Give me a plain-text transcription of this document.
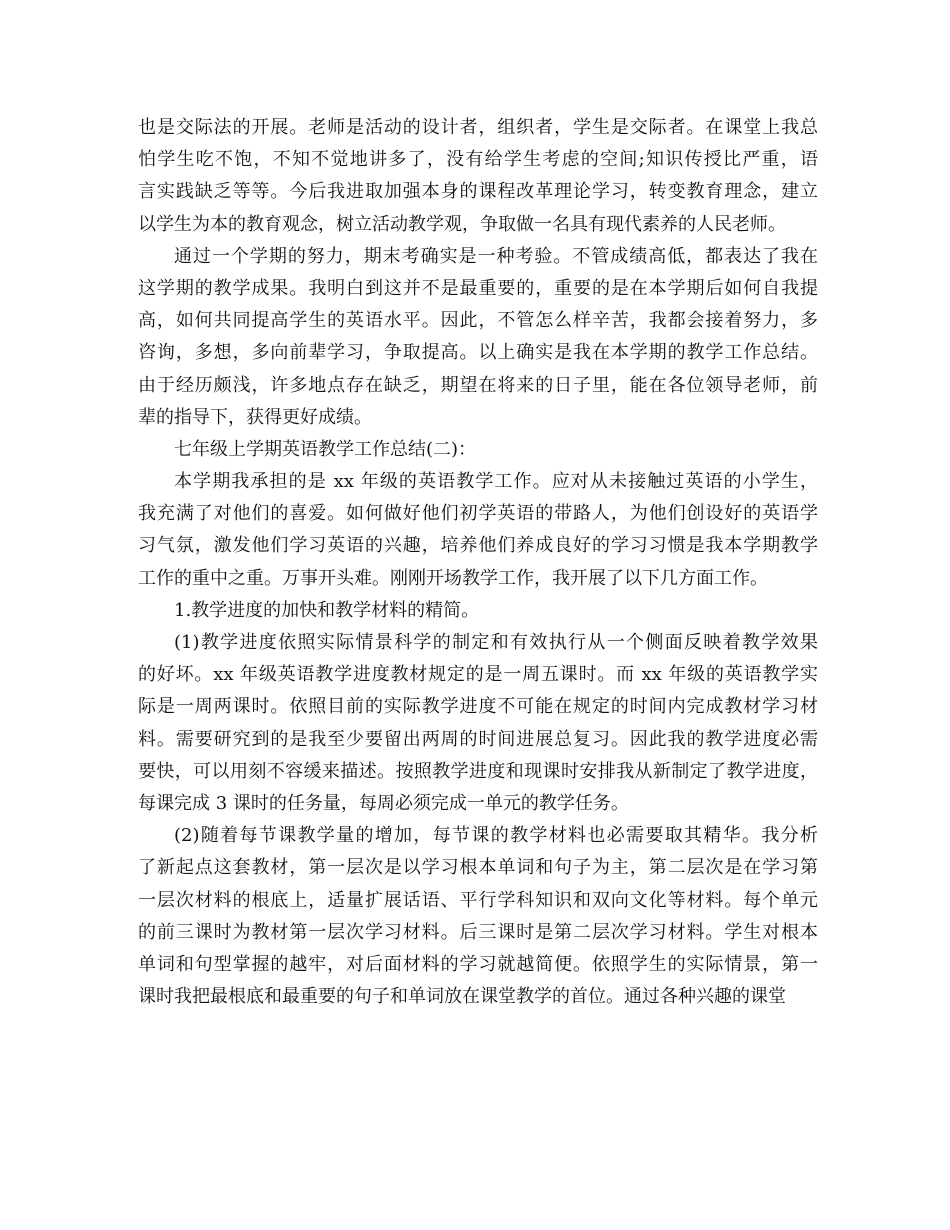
也是交际法的开展。老师是活动的设计者，组织者，学生是交际者。在课堂上我总
怕学生吃不饱，不知不觉地讲多了，没有给学生考虑的空间;知识传授比严重，语
言实践缺乏等等。今后我进取加强本身的课程改革理论学习，转变教育理念，建立
以学生为本的教育观念，树立活动教学观，争取做一名具有现代素养的人民老师。
通过一个学期的努力，期末考确实是一种考验。不管成绩高低，都表达了我在
这学期的教学成果。我明白到这并不是最重要的，重要的是在本学期后如何自我提
高，如何共同提高学生的英语水平。因此，不管怎么样辛苦，我都会接着努力，多
咨询，多想，多向前辈学习，争取提高。以上确实是我在本学期的教学工作总结。
由于经历颇浅，许多地点存在缺乏，期望在将来的日子里，能在各位领导老师，前
辈的指导下，获得更好成绩。
七年级上学期英语教学工作总结(二)：
本学期我承担的是 xx 年级的英语教学工作。应对从未接触过英语的小学生，
我充满了对他们的喜爱。如何做好他们初学英语的带路人，为他们创设好的英语学
习气氛，激发他们学习英语的兴趣，培养他们养成良好的学习习惯是我本学期教学
工作的重中之重。万事开头难。刚刚开场教学工作，我开展了以下几方面工作。
1.教学进度的加快和教学材料的精简。
(1)教学进度依照实际情景科学的制定和有效执行从一个侧面反映着教学效果
的好坏。xx 年级英语教学进度教材规定的是一周五课时。而 xx 年级的英语教学实
际是一周两课时。依照目前的实际教学进度不可能在规定的时间内完成教材学习材
料。需要研究到的是我至少要留出两周的时间进展总复习。因此我的教学进度必需
要快，可以用刻不容缓来描述。按照教学进度和现课时安排我从新制定了教学进度，
每课完成 3 课时的任务量，每周必须完成一单元的教学任务。
(2)随着每节课教学量的增加，每节课的教学材料也必需要取其精华。我分析
了新起点这套教材，第一层次是以学习根本单词和句子为主，第二层次是在学习第
一层次材料的根底上，适量扩展话语、平行学科知识和双向文化等材料。每个单元
的前三课时为教材第一层次学习材料。后三课时是第二层次学习材料。学生对根本
单词和句型掌握的越牢，对后面材料的学习就越简便。依照学生的实际情景，第一
课时我把最根底和最重要的句子和单词放在课堂教学的首位。通过各种兴趣的课堂
